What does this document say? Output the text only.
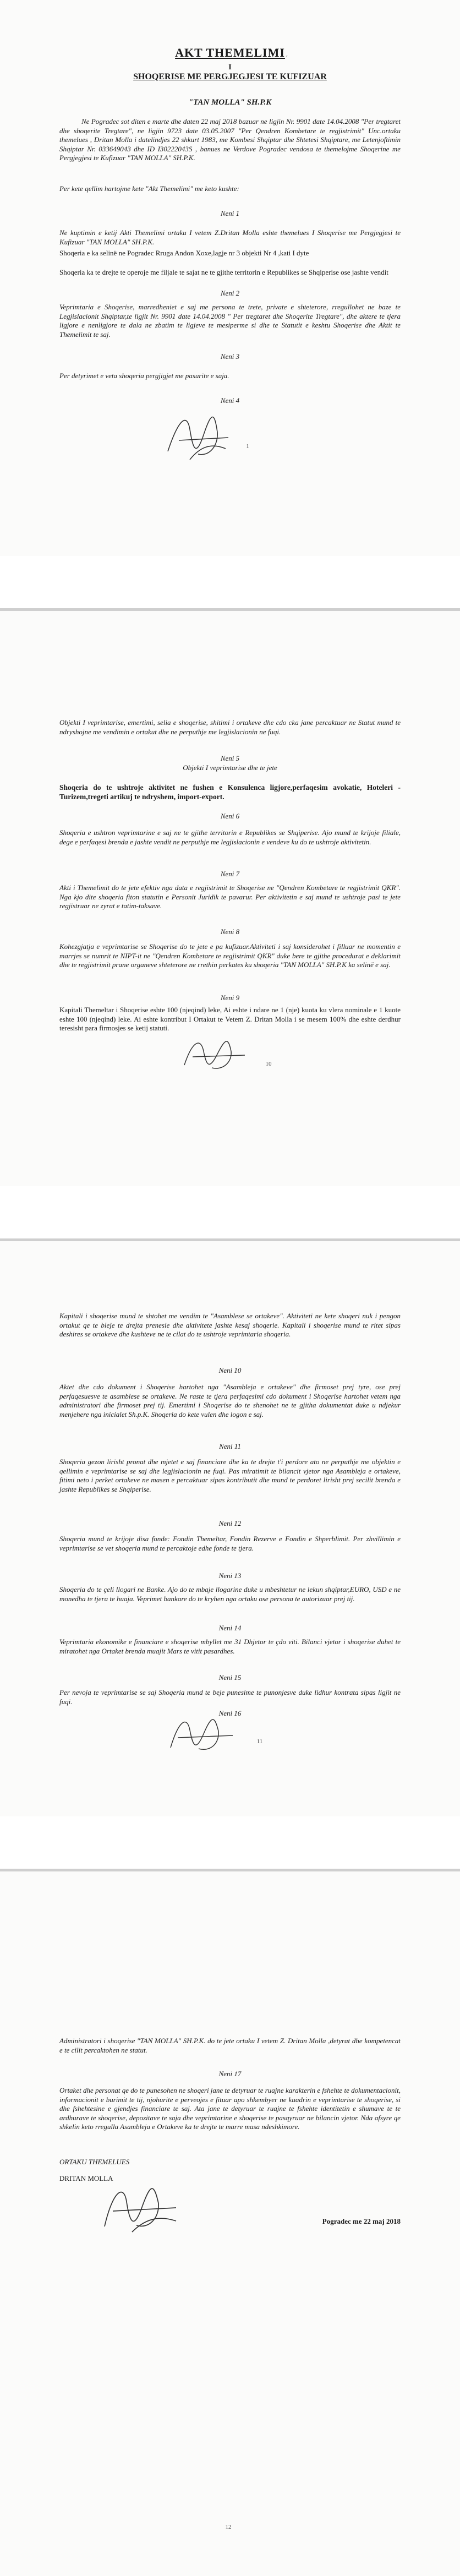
AKT THEMELIMI ᵣ
I
SHOQERISE ME PERGJEGJESI TE KUFIZUAR
"TAN MOLLA" SH.P.K
Ne Pogradec sot diten e marte dhe daten 22 maj 2018 bazuar ne ligjin Nr. 9901 date 14.04.2008 "Per tregtaret dhe shoqerite Tregtare", ne ligjin 9723 date 03.05.2007 "Per Qendren Kombetare te regjistrimit" Unc.ortaku themelues , Dritan Molla i datelindjes 22 shkurt 1983, me Kombesi Shqiptar dhe Shtetesi Shqiptare, me Letenjoftimin Shqiptar Nr. 033649043 dhe ID I30222043S , banues ne Verdove Pogradec vendosa te themelojme Shoqerine me Pergjegjesi te Kufizuar "TAN MOLLA" SH.P.K.
Per kete qellim hartojme kete "Akt Themelimi" me keto kushte:
Neni 1
Ne kuptimin e ketij Akti Themelimi ortaku I vetem Z.Dritan Molla eshte themelues I Shoqerise me Pergjegjesi te Kufizuar "TAN MOLLA" SH.P.K.
Shoqeria e ka selinë ne Pogradec Rruga Andon Xoxe,lagje nr 3 objekti Nr 4 ,kati I dyte
Shoqeria ka te drejte te operoje me filjale te sajat ne te gjithe territorin e Republikes se Shqiperise ose jashte vendit
Neni 2
Veprimtaria e Shoqerise, marredheniet e saj me persona te trete, private e shteterore, rregullohet ne baze te Legjislacionit Shqiptar,te ligjit Nr. 9901 date 14.04.2008 " Per tregtaret dhe Shoqerite Tregtare", dhe aktere te tjera ligjore e nenligjore te dala ne zbatim te ligjeve te mesiperme si dhe te Statutit e keshtu Shoqerise dhe Aktit te Themelimit te saj.
Neni 3
Per detyrimet e veta shoqeria pergjigjet me pasurite e saja.
Neni 4
1
Objekti I veprimtarise, emertimi, selia e shoqerise, shitimi i ortakeve dhe cdo cka jane percaktuar ne Statut mund te ndryshojne me vendimin e ortakut dhe ne perputhje me legjislacionin ne fuqi.
Neni 5
Objekti I veprimtarise dhe te jete
Shoqeria do te ushtroje aktivitet ne fushen e Konsulenca ligjore,perfaqesim avokatie, Hoteleri -Turizem,tregeti artikuj te ndryshem, import-export.
Neni 6
Shoqeria e ushtron veprimtarine e saj ne te gjithe territorin e Republikes se Shqiperise. Ajo mund te krijoje filiale, dege e perfaqesi brenda e jashte vendit ne perputhje me legjislacionin e vendeve ku do te ushtroje aktivitetin.
Neni 7
Akti i Themelimit do te jete efektiv nga data e regjistrimit te Shoqerise ne "Qendren Kombetare te regjistrimit QKR". Nga kjo dite shoqeria fiton statutin e Personit Juridik te pavarur. Per aktivitetin e saj mund te ushtroje pasi te jete regjistruar ne zyrat e tatim-taksave.
Neni 8
Kohezgjatja e veprimtarise se Shoqerise do te jete e pa kufizuar.Aktiviteti i saj konsiderohet i filluar ne momentin e marrjes se numrit te NIPT-it ne "Qendren Kombetare te regjistrimit QKR" duke bere te gjithe procedurat e deklarimit dhe te regjistrimit prane organeve shteterore ne rrethin perkates ku shoqeria "TAN MOLLA" SH.P.K ka selinë e saj.
Neni 9
Kapitali Themeltar i Shoqerise eshte 100 (njeqind) leke, Ai eshte i ndare ne 1 (nje) kuota ku vlera nominale e 1 kuote eshte 100 (njeqind) leke. Ai eshte kontribut I Ortakut te Vetem Z. Dritan Molla i se mesem 100% dhe eshte derdhur teresisht para firmosjes se ketij statuti.
10
Kapitali i shoqerise mund te shtohet me vendim te "Asamblese se ortakeve". Aktiviteti ne kete shoqeri nuk i pengon ortakut qe te bleje te drejta prenesie dhe aktivitete jashte kesaj shoqerie. Kapitali i shoqerise mund te ritet sipas deshires se ortakeve dhe kushteve ne te cilat do te ushtroje veprimtaria shoqeria.
Neni 10
Aktet dhe cdo dokument i Shoqerise hartohet nga "Asambleja e ortakeve" dhe firmoset prej tyre, ose prej perfaqesuesve te asamblese se ortakeve. Ne raste te tjera perfaqesimi cdo dokument i Shoqerise hartohet vetem nga administratori dhe firmoset prej tij. Emertimi i Shoqerise do te shenohet ne te gjitha dokumentat duke u ndjekur menjehere nga inicialet Sh.p.K. Shoqeria do kete vulen dhe logon e saj.
Neni 11
Shoqeria gezon lirisht pronat dhe mjetet e saj financiare dhe ka te drejte t'i perdore ato ne perputhje me objektin e qellimin e veprimtarise se saj dhe legjislacionin ne fuqi. Pas miratimit te bilancit vjetor nga Asambleja e ortakeve, fitimi neto i perket ortakeve ne masen e percaktuar sipas kontributit dhe mund te perdoret lirisht prej secilit brenda e jashte Republikes se Shqiperise.
Neni 12
Shoqeria mund te krijoje disa fonde: Fondin Themeltar, Fondin Rezerve e Fondin e Shperblimit. Per zhvillimin e veprimtarise se vet shoqeria mund te percaktoje edhe fonde te tjera.
Neni 13
Shoqeria do te çeli llogari ne Banke. Ajo do te mbaje llogarine duke u mbeshtetur ne lekun shqiptar,EURO, USD e ne monedha te tjera te huaja. Veprimet bankare do te kryhen nga ortaku ose persona te autorizuar prej tij.
Neni 14
Veprimtaria ekonomike e financiare e shoqerise mbyllet me 31 Dhjetor te çdo viti. Bilanci vjetor i shoqerise duhet te miratohet nga Ortaket brenda muajit Mars te vitit pasardhes.
Neni 15
Per nevoja te veprimtarise se saj Shoqeria mund te beje punesime te punonjesve duke lidhur kontrata sipas ligjit ne fuqi.
Neni 16
11
Administratori i shoqerise "TAN MOLLA" SH.P.K. do te jete ortaku I vetem Z. Dritan Molla ,detyrat dhe kompetencat e te cilit percaktohen ne statut.
Neni 17
Ortaket dhe personat qe do te punesohen ne shoqeri jane te detyruar te ruajne karakterin e fshehte te dokumentacionit, informacionit e burimit te tij, njohurite e perveojes e fituar apo shkembyer ne kuadrin e veprimtarise te shoqerise, si dhe fshehtesine e gjendjes financiare te saj. Ata jane te detyruar te ruajne te fshehte identitetin e shumave te te ardhurave te shoqerise, depozitave te saja dhe veprimtarine e shoqerise te pasqyruar ne bilancin vjetor. Nda afsyre qe shkelin keto rregulla Asambleja e Ortakeve ka te drejte te marre masa ndeshkimore.
ORTAKU THEMELUES
DRITAN MOLLA
Pogradec me 22 maj 2018
12
